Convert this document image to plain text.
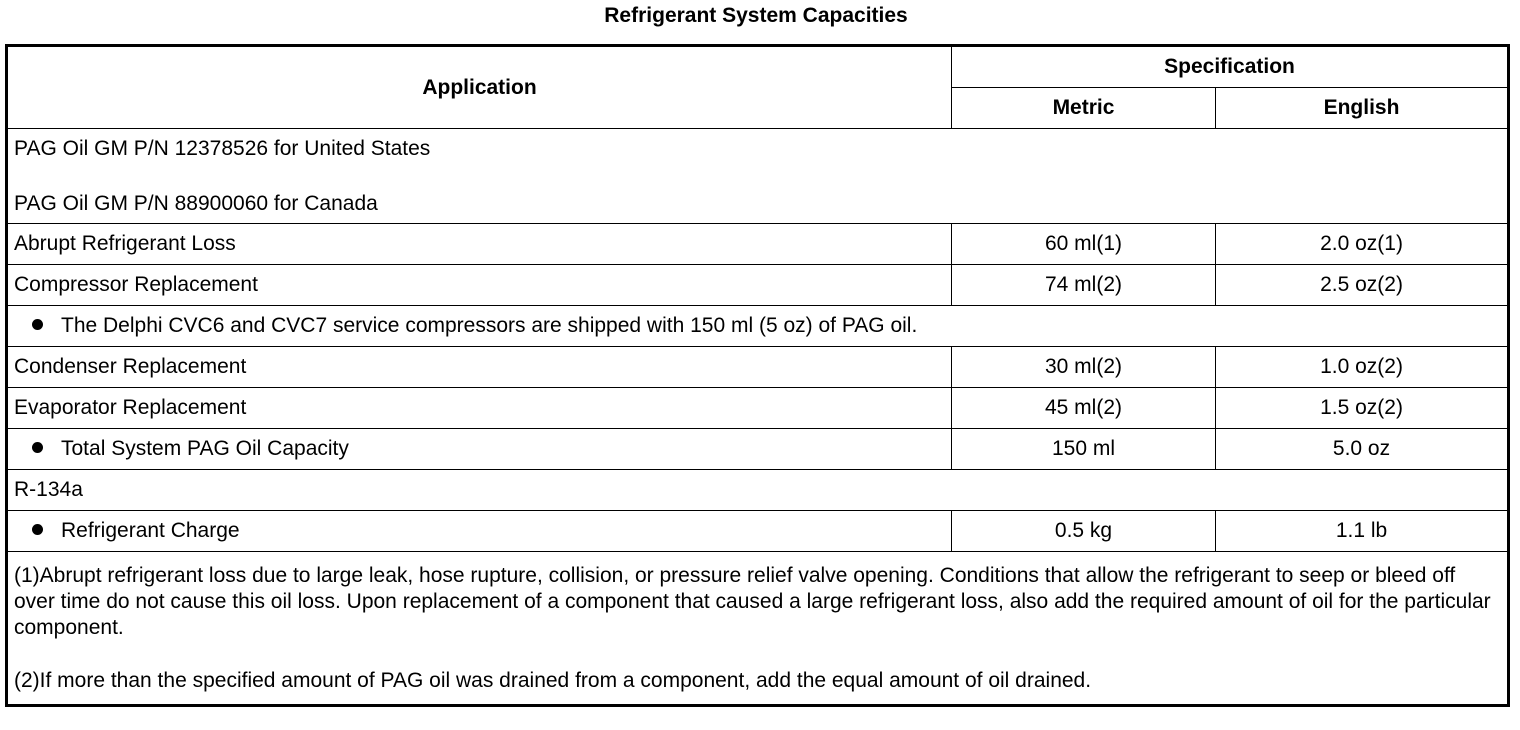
Refrigerant System Capacities
Application	Specification	
	Metric	English

PAG Oil GM P/N 12378526 for United States
PAG Oil GM P/N 88900060 for Canada		

Abrupt Refrigerant Loss	60 ml(1)	2.0 oz(1)
Compressor Replacement	74 ml(2)	2.5 oz(2)
The Delphi CVC6 and CVC7 service compressors are shipped with 150 ml (5 oz) of PAG oil.		
Condenser Replacement	30 ml(2)	1.0 oz(2)
Evaporator Replacement	45 ml(2)	1.5 oz(2)
Total System PAG Oil Capacity	150 ml	5.0 oz
R-134a		
Refrigerant Charge	0.5 kg	1.1 lb

(1)Abrupt refrigerant loss due to large leak, hose rupture, collision, or pressure relief valve opening. Conditions that allow the refrigerant to seep or bleed off over time do not cause this oil loss. Upon replacement of a component that caused a large refrigerant loss, also add the required amount of oil for the particular component.

(2)If more than the specified amount of PAG oil was drained from a component, add the equal amount of oil drained.		
